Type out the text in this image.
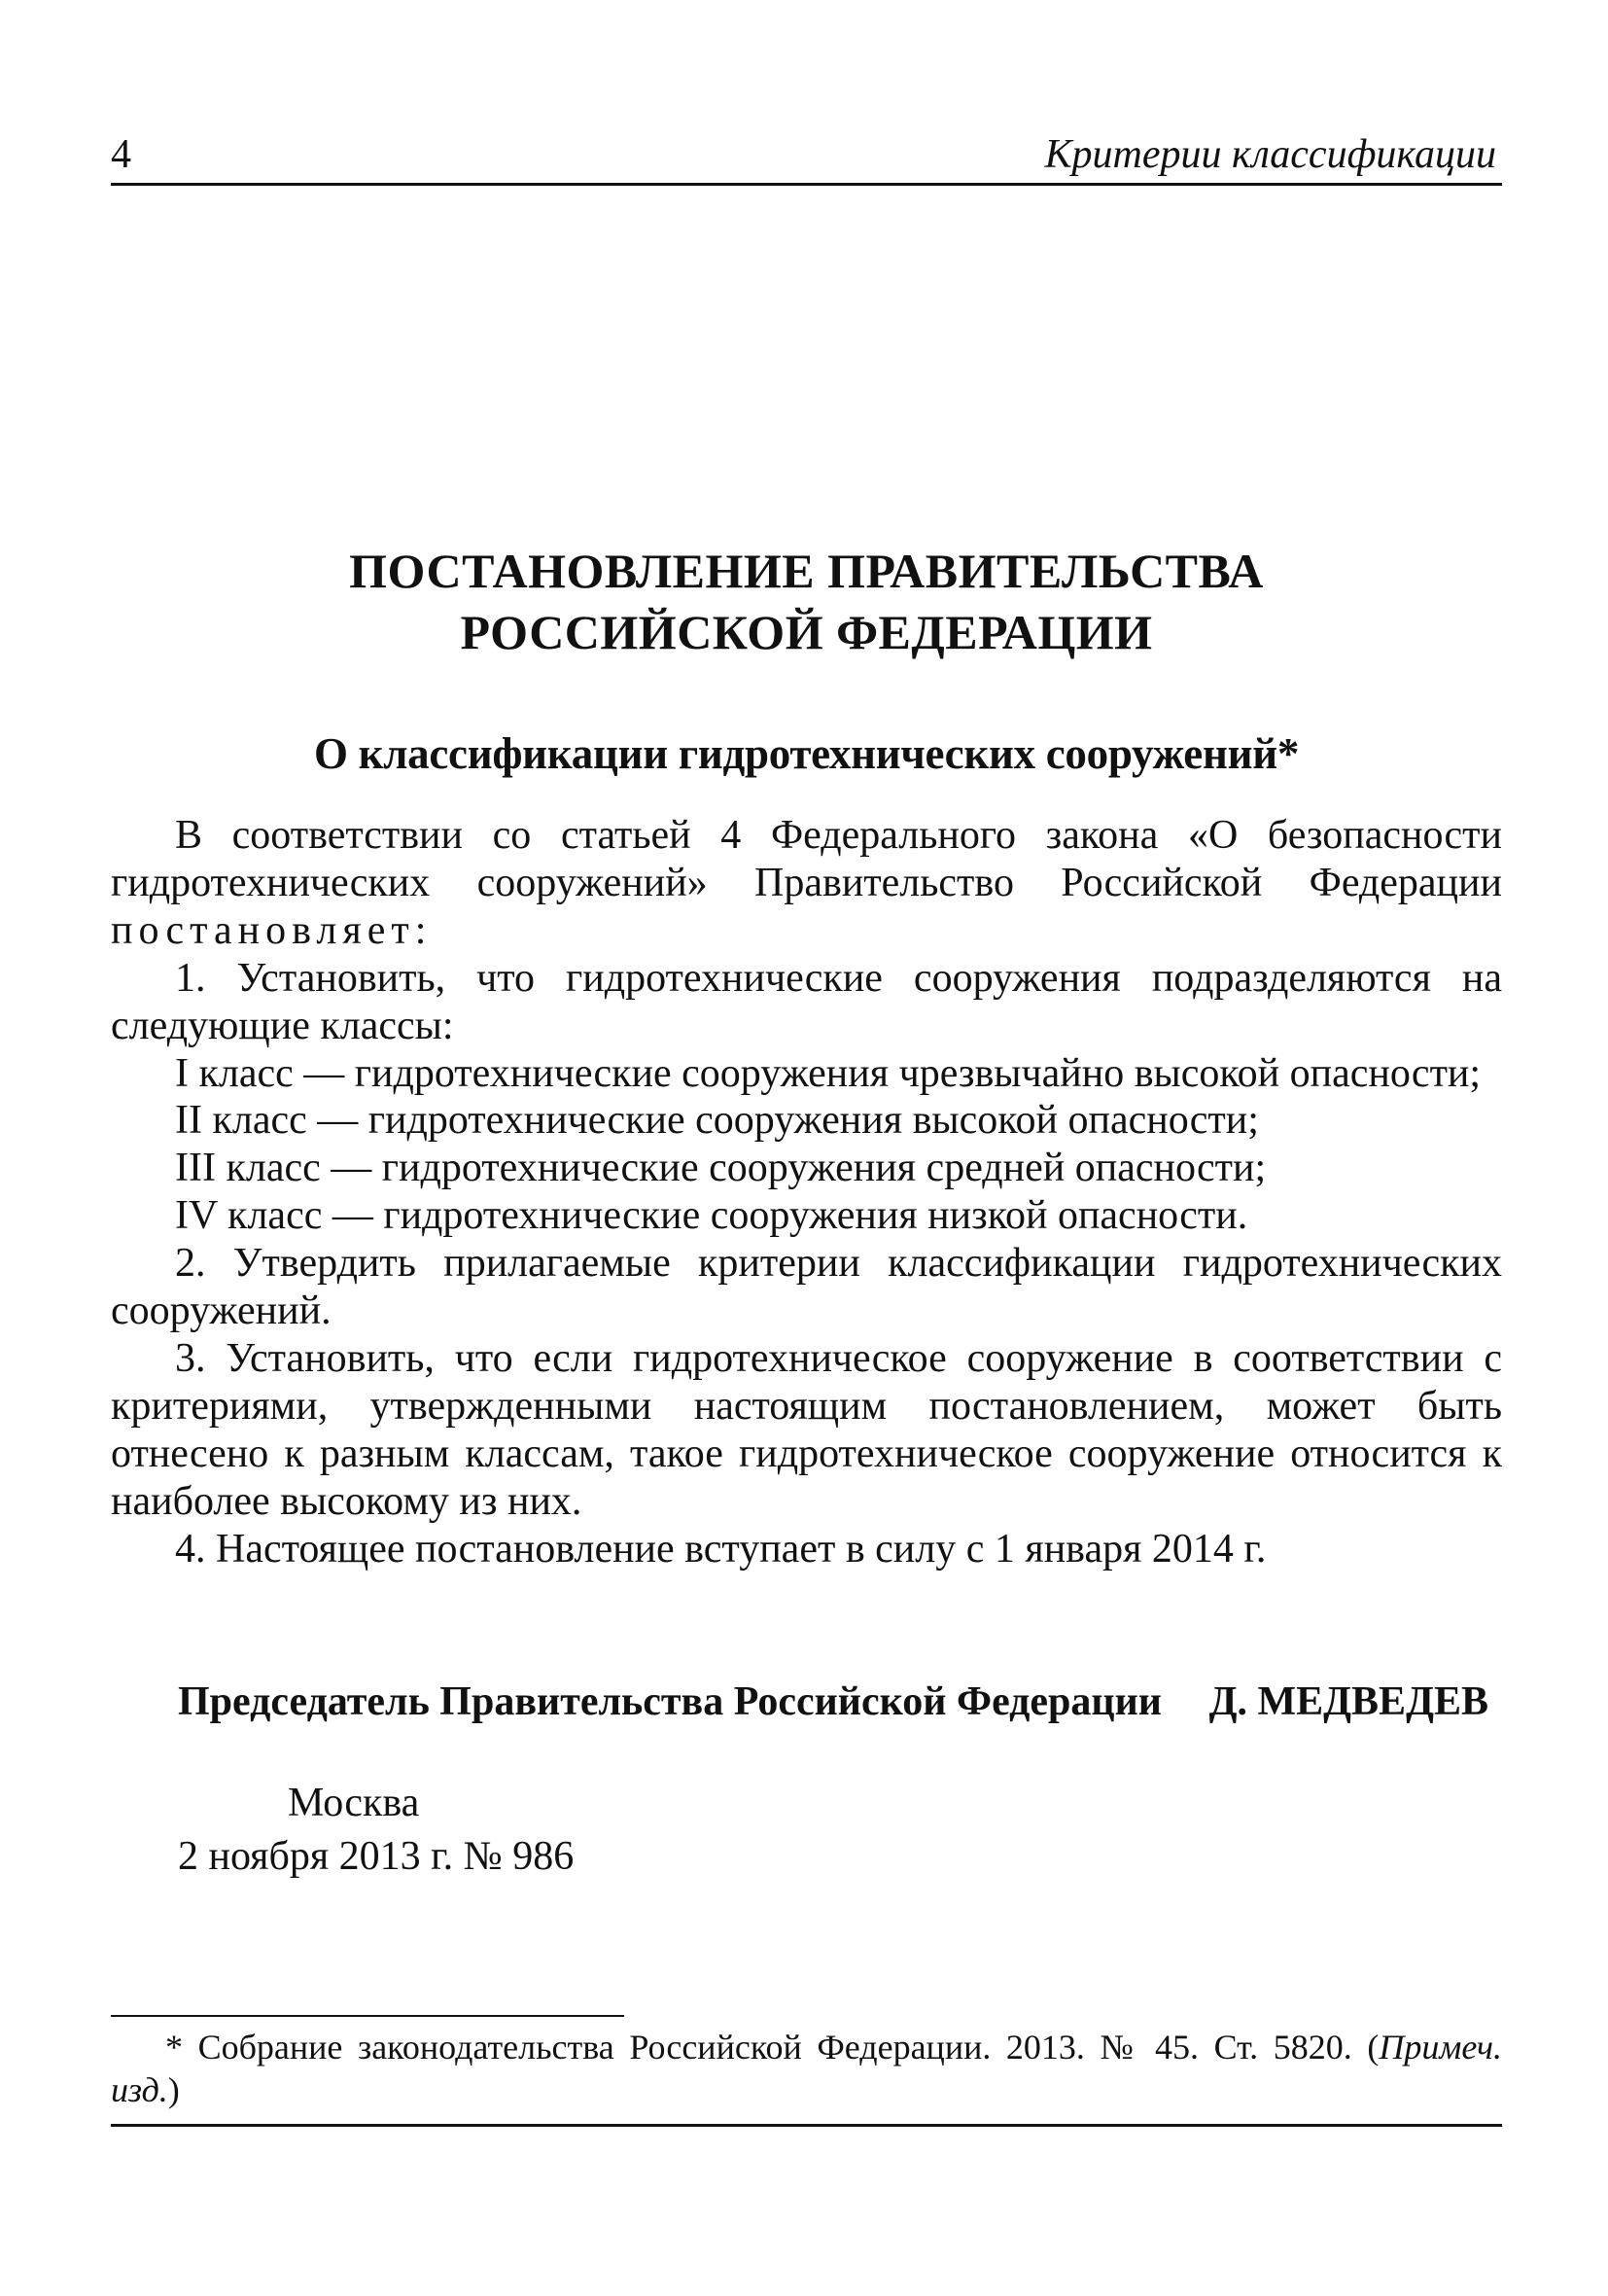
4	Критерии классификации
ПОСТАНОВЛЕНИЕ ПРАВИТЕЛЬСТВА
РОССИЙСКОЙ ФЕДЕРАЦИИ
О классификации гидротехнических сооружений*

В соответствии со статьей 4 Федерального закона «О безопасности гидротехнических сооружений» Правительство Российской Федерации постановляет:

1. Установить, что гидротехнические сооружения подразделяются на следующие классы:

I класс — гидротехнические сооружения чрезвычайно высокой опасности;

II класс — гидротехнические сооружения высокой опасности;

III класс — гидротехнические сооружения средней опасности;

IV класс — гидротехнические сооружения низкой опасности.

2. Утвердить прилагаемые критерии классификации гидротехнических сооружений.

3. Установить, что если гидротехническое сооружение в соответствии с критериями, утвержденными настоящим постановлением, может быть отнесено к разным классам, такое гидротехническое сооружение относится к наиболее высокому из них.

4. Настоящее постановление вступает в силу с 1 января 2014 г.

Председатель Правительства Российской Федерации Д. МЕДВЕДЕВ
Москва
2 ноября 2013 г. № 986

* Собрание законодательства Российской Федерации. 2013. № 45. Ст. 5820. (Примеч. изд.)
